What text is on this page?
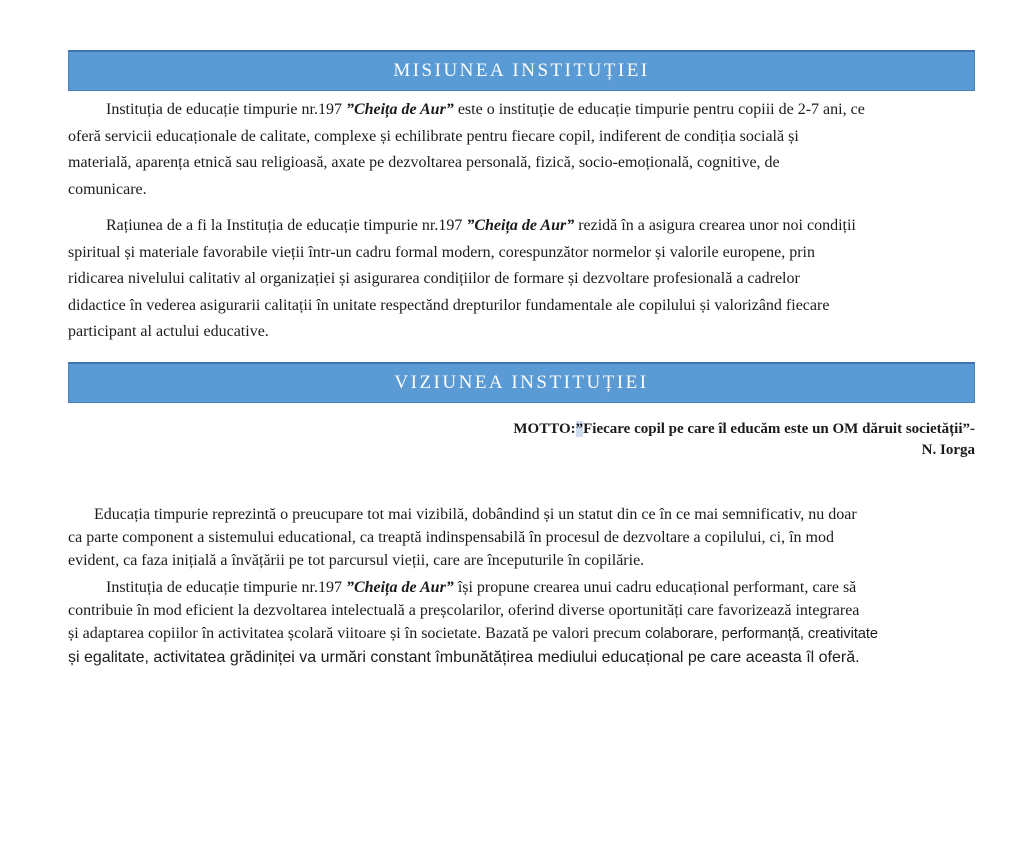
MISIUNEA INSTITUȚIEI
Instituția de educație timpurie nr.197 ”Cheița de Aur” este o instituție de educație timpurie pentru copiii de 2-7 ani, ce
oferă servicii educaționale de calitate, complexe și echilibrate pentru fiecare copil, indiferent de condiția socială și
materială, aparența etnică sau religioasă, axate pe dezvoltarea personală, fizică, socio-emoțională, cognitive, de
comunicare.
Rațiunea de a fi la Instituția de educație timpurie nr.197 ”Cheița de Aur” rezidă în a asigura crearea unor noi condiții
spiritual și materiale favorabile vieții într-un cadru formal modern, corespunzător normelor și valorile europene, prin
ridicarea nivelului calitativ al organizației și asigurarea condițiilor de formare și dezvoltare profesională a cadrelor
didactice în vederea asigurarii calitații în unitate respectănd drepturilor fundamentale ale copilului și valorizând fiecare
participant al actului educative.
VIZIUNEA INSTITUȚIEI
MOTTO:”Fiecare copil pe care îl educăm este un OM dăruit societății”-
N. Iorga
Educația timpurie reprezintă o preucupare tot mai vizibilă, dobândind și un statut din ce în ce mai semnificativ, nu doar
ca parte component a sistemului educational, ca treaptă indinspensabilă în procesul de dezvoltare a copilului, ci, în mod
evident, ca faza inițială a învățării pe tot parcursul vieții, care are începuturile în copilărie.
Instituția de educație timpurie nr.197 ”Cheița de Aur” își propune crearea unui cadru educațional performant, care să
contribuie în mod eficient la dezvoltarea intelectuală a preșcolarilor, oferind diverse oportunități care favorizează integrarea
și adaptarea copiilor în activitatea școlară viitoare și în societate. Bazată pe valori precum colaborare, performanță, creativitate
și egalitate, activitatea grădiniței va urmări constant îmbunătățirea mediului educațional pe care aceasta îl oferă.
